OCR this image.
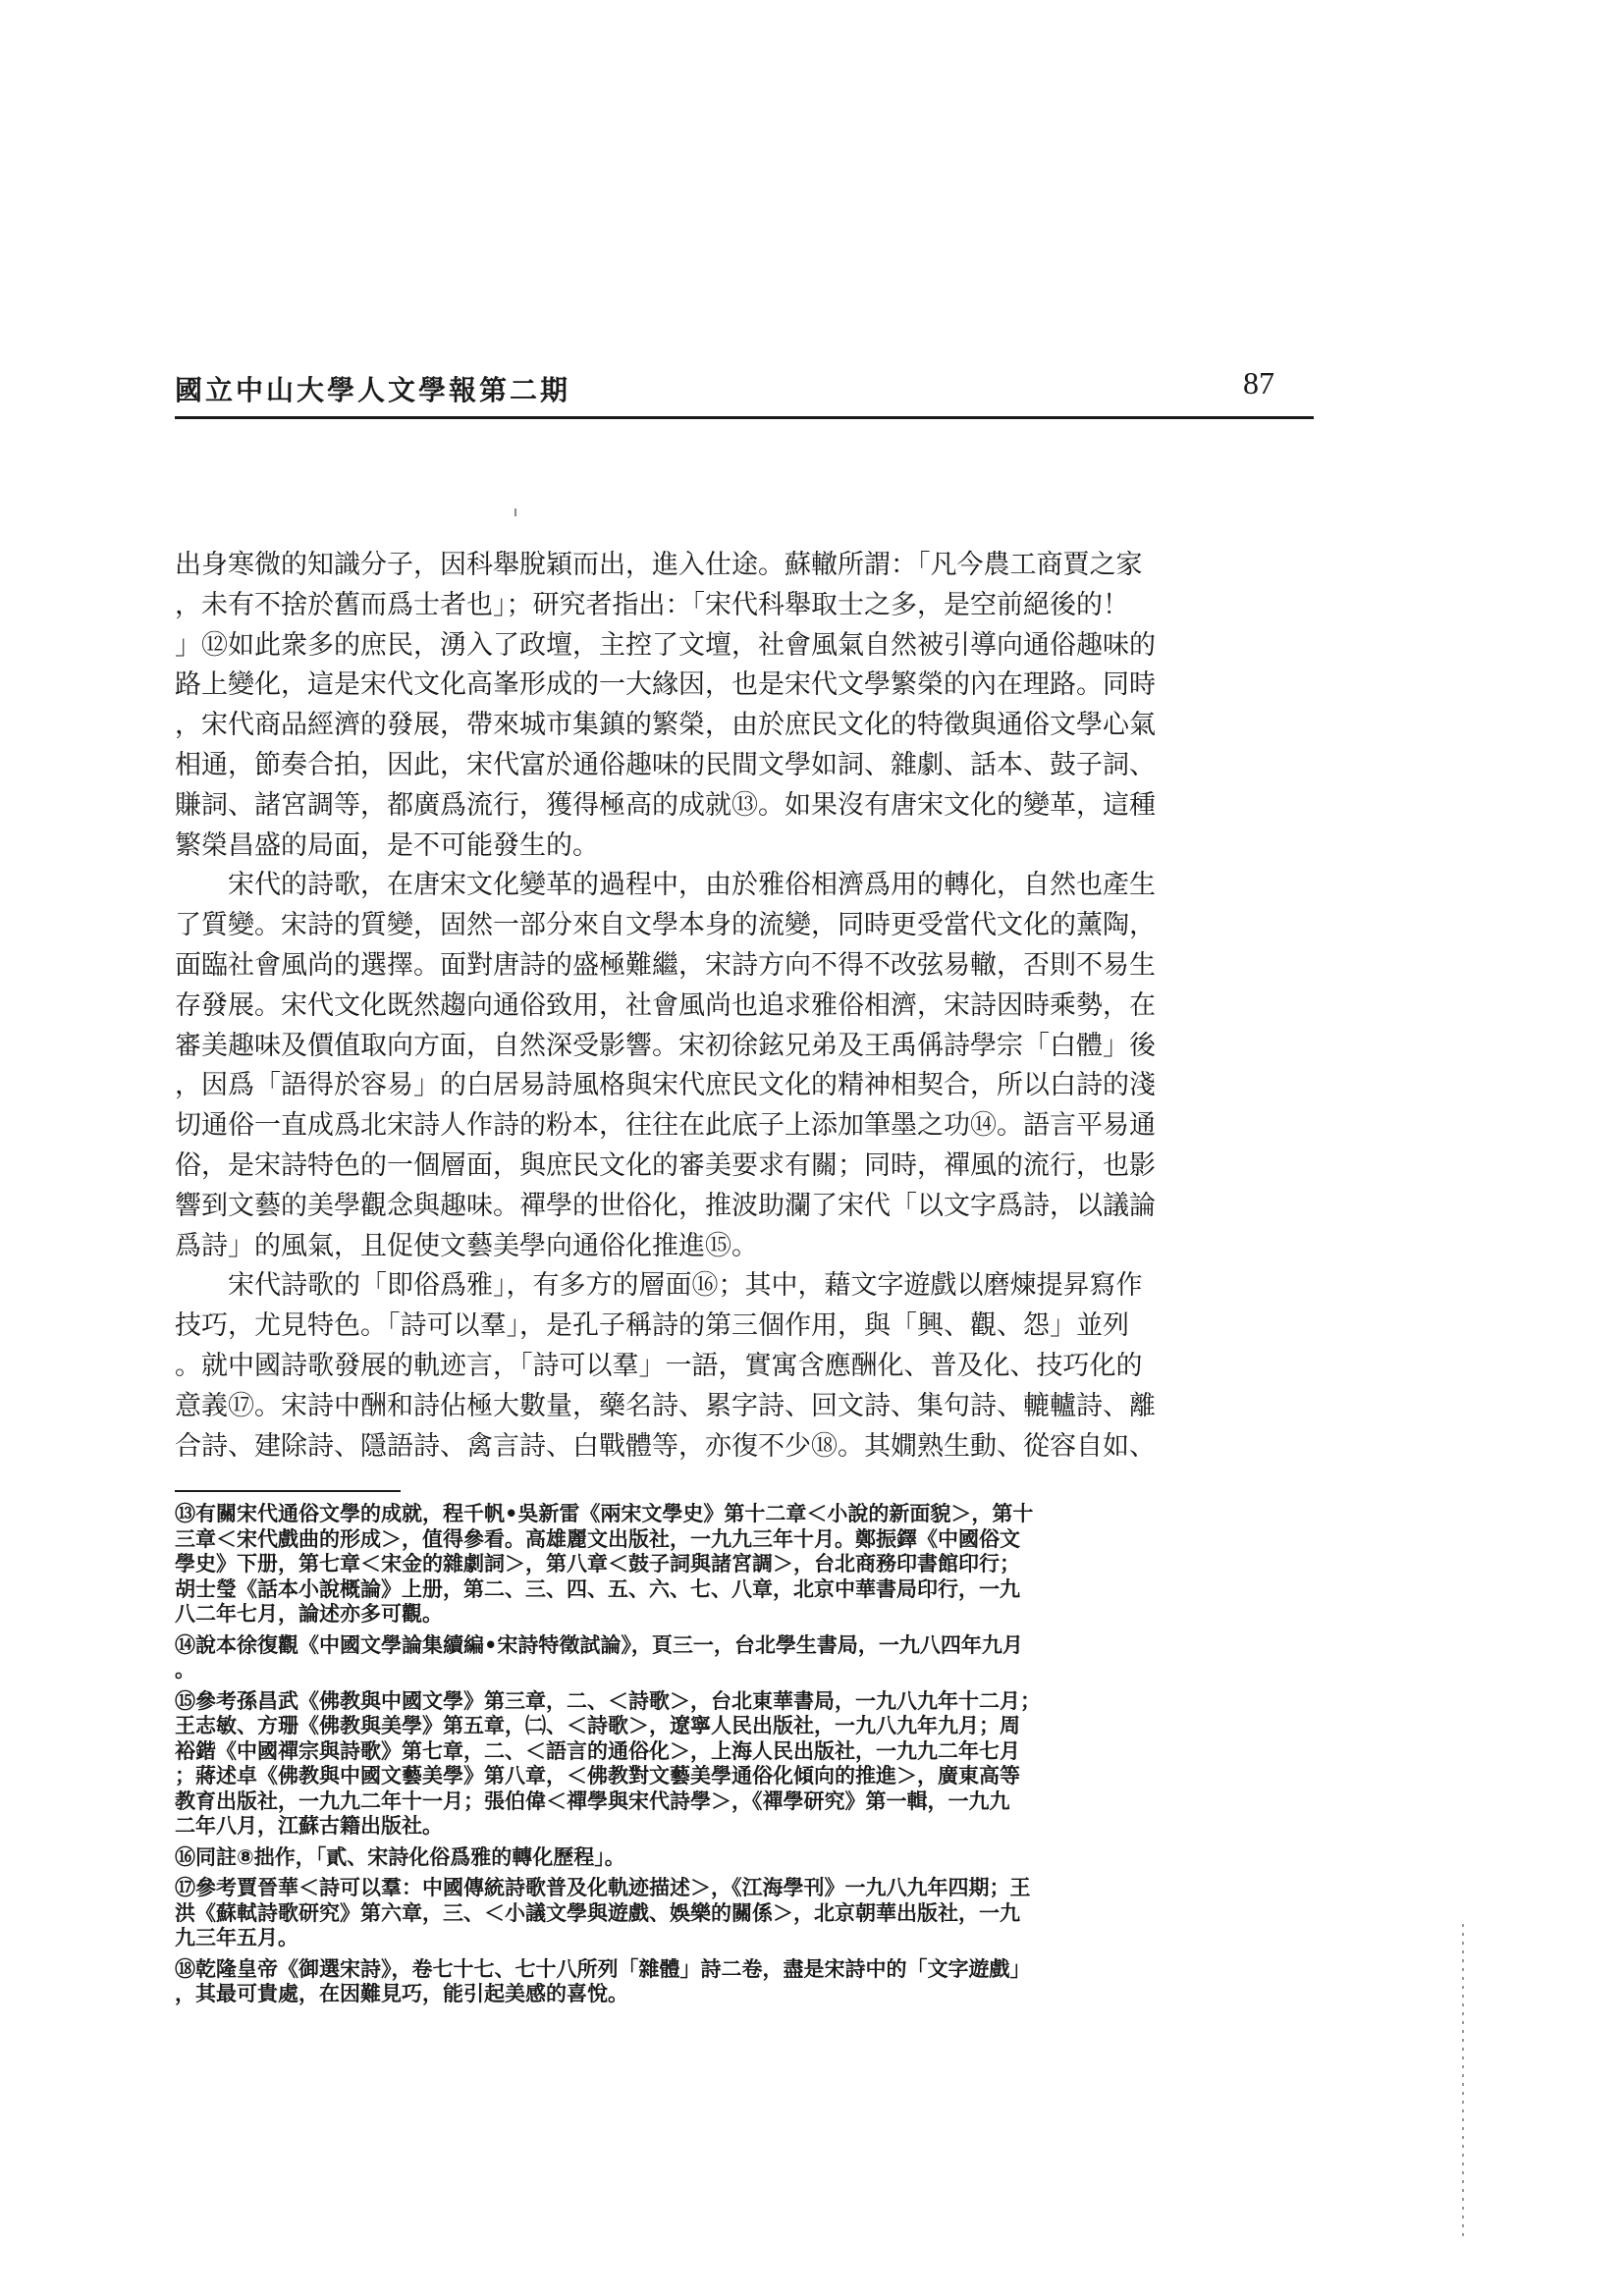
國立中山大學人文學報第二期	87
出身寒微的知識分子，因科舉脫穎而出，進入仕途。蘇轍所謂：「凡今農工商賈之家
，未有不捨於舊而爲士者也」；研究者指出：「宋代科舉取士之多，是空前絕後的！
」⑫如此衆多的庶民，湧入了政壇，主控了文壇，社會風氣自然被引導向通俗趣味的
路上變化，這是宋代文化高峯形成的一大緣因，也是宋代文學繁榮的內在理路。同時
，宋代商品經濟的發展，帶來城市集鎮的繁榮，由於庶民文化的特徵與通俗文學心氣
相通，節奏合拍，因此，宋代富於通俗趣味的民間文學如詞、雜劇、話本、鼓子詞、
賺詞、諸宮調等，都廣爲流行，獲得極高的成就⑬。如果沒有唐宋文化的變革，這種
繁榮昌盛的局面，是不可能發生的。
　　宋代的詩歌，在唐宋文化變革的過程中，由於雅俗相濟爲用的轉化，自然也產生
了質變。宋詩的質變，固然一部分來自文學本身的流變，同時更受當代文化的薰陶，
面臨社會風尚的選擇。面對唐詩的盛極難繼，宋詩方向不得不改弦易轍，否則不易生
存發展。宋代文化既然趨向通俗致用，社會風尚也追求雅俗相濟，宋詩因時乘勢，在
審美趣味及價值取向方面，自然深受影響。宋初徐鉉兄弟及王禹偁詩學宗「白體」後
，因爲「語得於容易」的白居易詩風格與宋代庶民文化的精神相契合，所以白詩的淺
切通俗一直成爲北宋詩人作詩的粉本，往往在此底子上添加筆墨之功⑭。語言平易通
俗，是宋詩特色的一個層面，與庶民文化的審美要求有關；同時，禪風的流行，也影
響到文藝的美學觀念與趣味。禪學的世俗化，推波助瀾了宋代「以文字爲詩，以議論
爲詩」的風氣，且促使文藝美學向通俗化推進⑮。
　　宋代詩歌的「即俗爲雅」，有多方的層面⑯；其中，藉文字遊戲以磨煉提昇寫作
技巧，尤見特色。「詩可以羣」，是孔子稱詩的第三個作用，與「興、觀、怨」並列
。就中國詩歌發展的軌迹言，「詩可以羣」一語，實寓含應酬化、普及化、技巧化的
意義⑰。宋詩中酬和詩佔極大數量，藥名詩、累字詩、回文詩、集句詩、轆轤詩、離
合詩、建除詩、隱語詩、禽言詩、白戰體等，亦復不少⑱。其嫺熟生動、從容自如、
⑬有關宋代通俗文學的成就，程千帆•吳新雷《兩宋文學史》第十二章＜小說的新面貌＞，第十
三章＜宋代戲曲的形成＞，值得參看。高雄麗文出版社，一九九三年十月。鄭振鐸《中國俗文
學史》下册，第七章＜宋金的雜劇詞＞，第八章＜鼓子詞與諸宮調＞，台北商務印書館印行；
胡士瑩《話本小說概論》上册，第二、三、四、五、六、七、八章，北京中華書局印行，一九
八二年七月，論述亦多可觀。
⑭說本徐復觀《中國文學論集續編•宋詩特徵試論》，頁三一，台北學生書局，一九八四年九月
。
⑮參考孫昌武《佛教與中國文學》第三章，二、＜詩歌＞，台北東華書局，一九八九年十二月；
王志敏、方珊《佛教與美學》第五章，㈡、＜詩歌＞，遼寧人民出版社，一九八九年九月；周
裕鍇《中國禪宗與詩歌》第七章，二、＜語言的通俗化＞，上海人民出版社，一九九二年七月
；蔣述卓《佛教與中國文藝美學》第八章，＜佛教對文藝美學通俗化傾向的推進＞，廣東高等
教育出版社，一九九二年十一月；張伯偉＜禪學與宋代詩學＞，《禪學研究》第一輯，一九九
二年八月，江蘇古籍出版社。
⑯同註⑧拙作，「貳、宋詩化俗爲雅的轉化歷程」。
⑰參考賈晉華＜詩可以羣：中國傳統詩歌普及化軌迹描述＞，《江海學刊》一九八九年四期；王
洪《蘇軾詩歌研究》第六章，三、＜小議文學與遊戲、娛樂的關係＞，北京朝華出版社，一九
九三年五月。
⑱乾隆皇帝《御選宋詩》，卷七十七、七十八所列「雜體」詩二卷，盡是宋詩中的「文字遊戲」
，其最可貴處，在因難見巧，能引起美感的喜悅。
